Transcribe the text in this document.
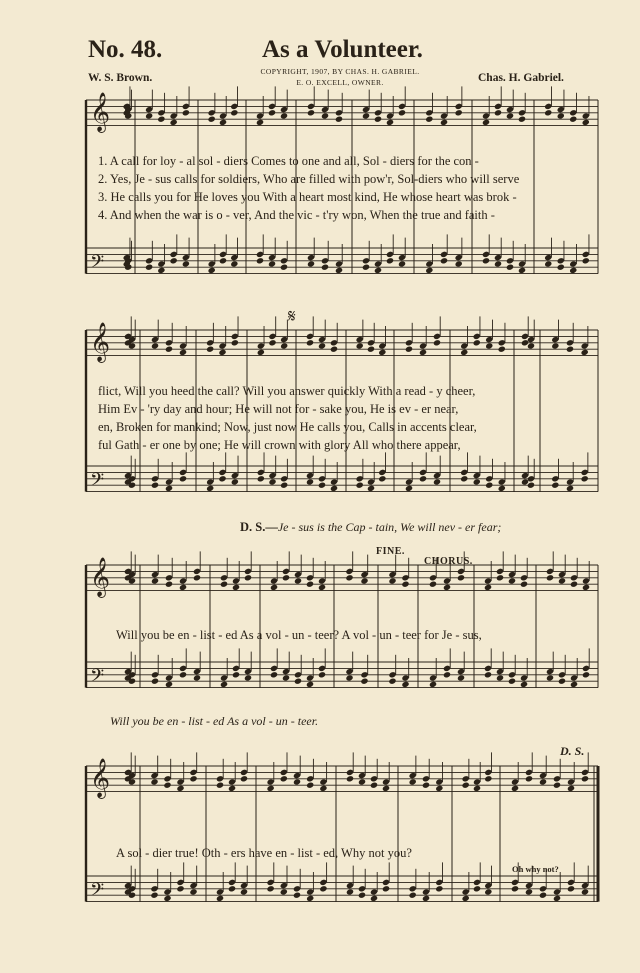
No. 48.	As a Volunteer.
COPYRIGHT, 1907, BY CHAS. H. GABRIEL.
E. O. EXCELL, OWNER.
W. S. Brown.	Chas. H. Gabriel.
𝄞
𝄢
𝄞
𝄢
𝄞
𝄢
𝄞
𝄢
𝄋
1. A call for loy - al sol - diers Comes to one and all, Sol - diers for the con -
2. Yes, Je - sus calls for soldiers, Who are filled with pow'r, Sol-diers who will serve
3. He calls you for He loves you With a heart most kind, He whose heart was brok -
4. And when the war is o - ver, And the vic - t'ry won, When the true and faith -
flict, Will you heed the call? Will you answer quickly With a read - y cheer,
Him Ev - 'ry day and hour; He will not for - sake you, He is ev - er near,
en, Broken for mankind; Now, just now He calls you, Calls in accents clear,
ful Gath - er one by one; He will crown with glory All who there appear,
D. S.—Je - sus is the Cap - tain, We will nev - er fear;
FINE.
CHORUS.
Will you be en - list - ed As a vol - un - teer? A vol - un - teer for Je - sus,
Will you be en - list - ed As a vol - un - teer.
D. S.
A sol - dier true! Oth - ers have en - list - ed, Why not you?
Oh why not?
